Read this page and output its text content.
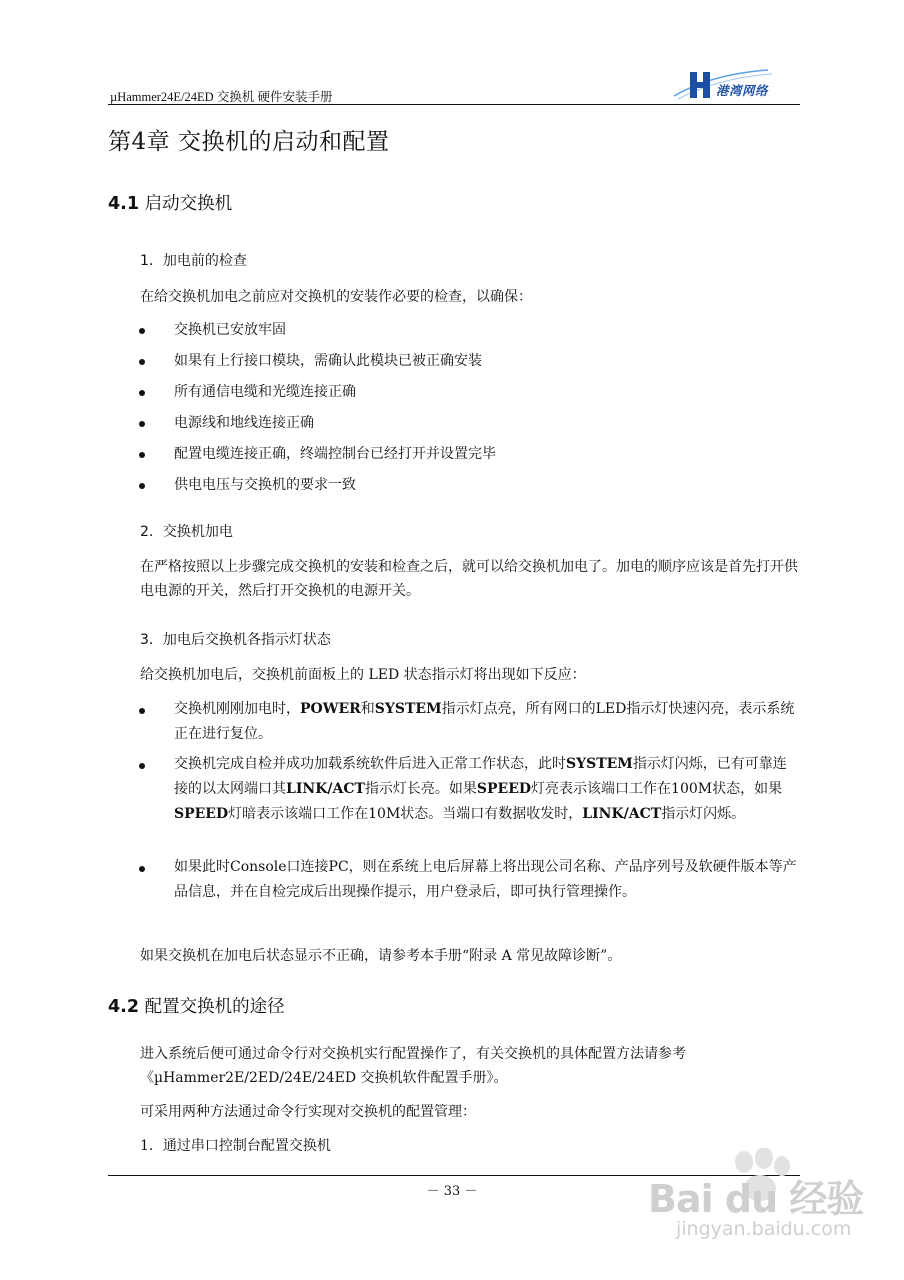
µHammer24E/24ED 交换机 硬件安装手册	港湾网络
第4章 交换机的启动和配置
4.1 启动交换机
1．加电前的检查
在给交换机加电之前应对交换机的安装作必要的检查，以确保：
交换机已安放牢固
如果有上行接口模块，需确认此模块已被正确安装
所有通信电缆和光缆连接正确
电源线和地线连接正确
配置电缆连接正确，终端控制台已经打开并设置完毕
供电电压与交换机的要求一致
2．交换机加电
在严格按照以上步骤完成交换机的安装和检查之后，就可以给交换机加电了。加电的顺序应该是首先打开供电电源的开关，然后打开交换机的电源开关。
3．加电后交换机各指示灯状态
给交换机加电后，交换机前面板上的 LED 状态指示灯将出现如下反应：
交换机刚刚加电时，POWER和SYSTEM指示灯点亮，所有网口的LED指示灯快速闪亮，表示系统正在进行复位。
交换机完成自检并成功加载系统软件后进入正常工作状态，此时SYSTEM指示灯闪烁，已有可靠连接的以太网端口其LINK/ACT指示灯长亮。如果SPEED灯亮表示该端口工作在100M状态，如果SPEED灯暗表示该端口工作在10M状态。当端口有数据收发时，LINK/ACT指示灯闪烁。
如果此时Console口连接PC，则在系统上电后屏幕上将出现公司名称、产品序列号及软硬件版本等产品信息，并在自检完成后出现操作提示，用户登录后，即可执行管理操作。
如果交换机在加电后状态显示不正确，请参考本手册“附录 A 常见故障诊断”。
4.2 配置交换机的途径
进入系统后便可通过命令行对交换机实行配置操作了，有关交换机的具体配置方法请参考《µHammer2E/2ED/24E/24ED 交换机软件配置手册》。
可采用两种方法通过命令行实现对交换机的配置管理：
1．通过串口控制台配置交换机
－ 33 －	Bai du 经验
jingyan.baidu.com
